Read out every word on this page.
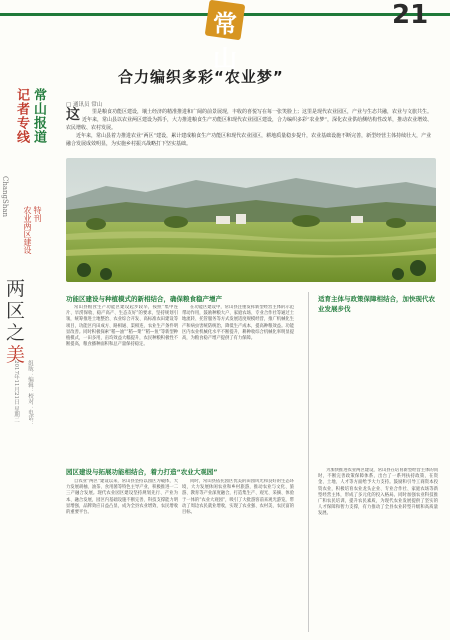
常山
21
常山报道
记者专线
ChangShan
农业两区建设 特刊
两
区
之
美
组版：编辑：校对：电话：
2017年11月21日 星期二
合力编织多彩“农业梦”
□ 通讯员 常山
这 里是粮食功能区建设，壤土经济的精准推进和广阔的前景展现，丰收的喜悦写在每一张笑脸上；这里是现代农业园区，产业与生态共融，农业与文旅共生。近年来，常山县以农业两区建设为抓手，大力推进粮食生产功能区和现代农业园区建设，合力编织多彩“农业梦”，深化农业供给侧结构性改革，推动农业增效、农民增收、农村发展。
近年来，常山县着力推进农业“两区”建设，累计建成粮食生产功能区和现代农业园区，耕地质量稳步提升，农业基础设施不断完善，新型经营主体持续壮大，产业融合发展成效明显，为实施乡村振兴战略打下坚实基础。
功能区建设与种植模式的新相结合，确保粮食稳产增产

常山县粮食生产功能区建设起步较早，按照“集中连片、旱涝保收、稳产高产、生态友好”的要求，坚持规划引领，统筹推进土地整治、农业综合开发、高标准农田建设等项目，功能区内田成方、路相通、渠相连，农业生产条件明显改善。同时积极探索“稻—油”“稻—菜”“稻—鱼”等新型种植模式，一田多用，亩均效益大幅提升，农民种粮积极性不断提高，粮食播种面积和总产量保持稳定。

在功能区建设中，常山县注重发挥新型经营主体的示范带动作用，鼓励种粮大户、家庭农场、专业合作社等通过土地流转、托管服务等方式发展适度规模经营，推广机械化生产和病虫害统防统治，降低生产成本，提高种粮效益。功能区内农业机械化水平不断提升，耕种收综合机械化率明显提高，为粮食稳产增产提供了有力保障。

园区建设与拓展功能相结合，着力打造“农业大观园”

自农业“两区”建设以来，常山县坚持以园区为载体，大力发展胡柚、油茶、食用菌等特色主导产业，积极推进一二三产融合发展。现代农业园区建设坚持规划先行、产业为本、融合发展，园区内基础设施不断完善，科技支撑能力明显增强，品牌效应日益凸显，成为全县农业增效、农民增收的重要平台。

同时，常山县依托园区优美的田园风光和良好的生态环境，大力发展休闲农业和乡村旅游，推动农业与文化、旅游、教育等产业深度融合，打造集生产、观光、采摘、体验于一体的“农业大观园”，吸引了大批游客前来观光游览，带动了周边农民就业增收，实现了农业强、农村美、农民富的目标。

适育主体与政策保障相结合，加快现代农业发展步伐

为加快推进农业两区建设，常山县在培育新型经营主体的同时，不断完善政策保障体系，出台了一系列扶持政策，在资金、土地、人才等方面给予大力支持。鼓励和引导工商资本投资农业，积极培育农业龙头企业、专业合作社、家庭农场等新型经营主体，形成了多元化的投入格局。同时加强农业科技推广和农民培训，提升农民素质，为现代农业发展提供了坚实的人才保障和智力支撑，有力推动了全县农业转型升级和高质量发展。
